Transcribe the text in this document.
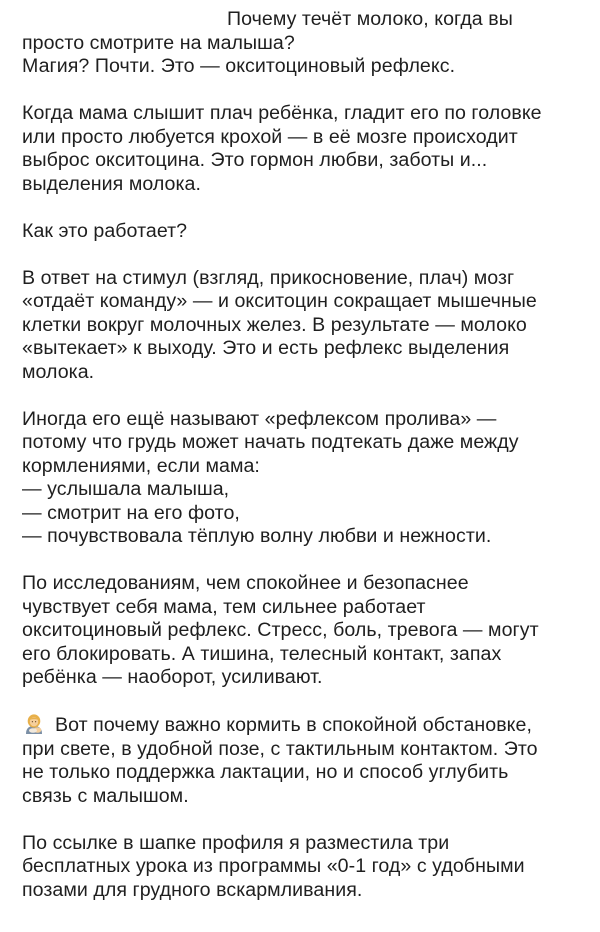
Почему течёт молоко, когда вы
просто смотрите на малыша?
Магия? Почти. Это — окситоциновый рефлекс.
Когда мама слышит плач ребёнка, гладит его по головке
или просто любуется крохой — в её мозге происходит
выброс окситоцина. Это гормон любви, заботы и...
выделения молока.
Как это работает?
В ответ на стимул (взгляд, прикосновение, плач) мозг
«отдаёт команду» — и окситоцин сокращает мышечные
клетки вокруг молочных желез. В результате — молоко
«вытекает» к выходу. Это и есть рефлекс выделения
молока.
Иногда его ещё называют «рефлексом пролива» —
потому что грудь может начать подтекать даже между
кормлениями, если мама:
— услышала малыша,
— смотрит на его фото,
— почувствовала тёплую волну любви и нежности.
По исследованиям, чем спокойнее и безопаснее
чувствует себя мама, тем сильнее работает
окситоциновый рефлекс. Стресс, боль, тревога — могут
его блокировать. А тишина, телесный контакт, запах
ребёнка — наоборот, усиливают.
Вот почему важно кормить в спокойной обстановке,
при свете, в удобной позе, с тактильным контактом. Это
не только поддержка лактации, но и способ углубить
связь с малышом.
По ссылке в шапке профиля я разместила три
бесплатных урока из программы «0-1 год» с удобными
позами для грудного вскармливания.
